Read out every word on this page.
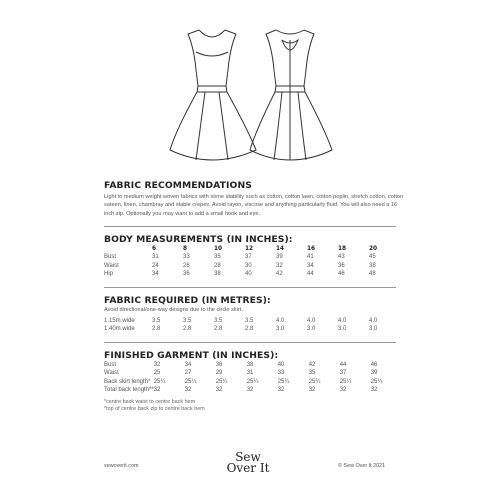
FABRIC RECOMMENDATIONS

Light to medium weight woven fabrics with some stability such as cotton, cotton lawn, cotton poplin, stretch cotton, cotton sateen, linen, chambray and stable crepes. Avoid rayon, viscose and anything particularly fluid. You will also need a 16 inch zip. Optionally you may want to add a small hook and eye.

BODY MEASUREMENTS (IN INCHES):
	6	8	10	12	14	16	18	20
Bust	31	33	35	37	39	41	43	45
Waist	24	26	28	30	32	34	36	38
Hip	34	36	38	40	42	44	46	48
FABRIC REQUIRED (IN METRES):
Avoid directional/one-way designs due to the circle skirt.
1.15m wide	3.5	3.5	3.5	3.5	4.0	4.0	4.0	4.0
1.40m wide	2.8	2.8	2.8	2.8	3.0	3.0	3.0	3.0
FINISHED GARMENT (IN INCHES):
Bust	32	34	36	38	40	42	44	46
Waist	25	27	29	31	33	35	37	39
Back skirt length*	25¼	25¼	25¼	25¼	25¼	25¼	25¼	25¼
Total back length**	32	32	32	32	32	32	32	32
*centre back waist to centre back hem
*top of centre back zip to centre back hem
sewoverit.com
Sew
Over It	© Sew Over It 2021
